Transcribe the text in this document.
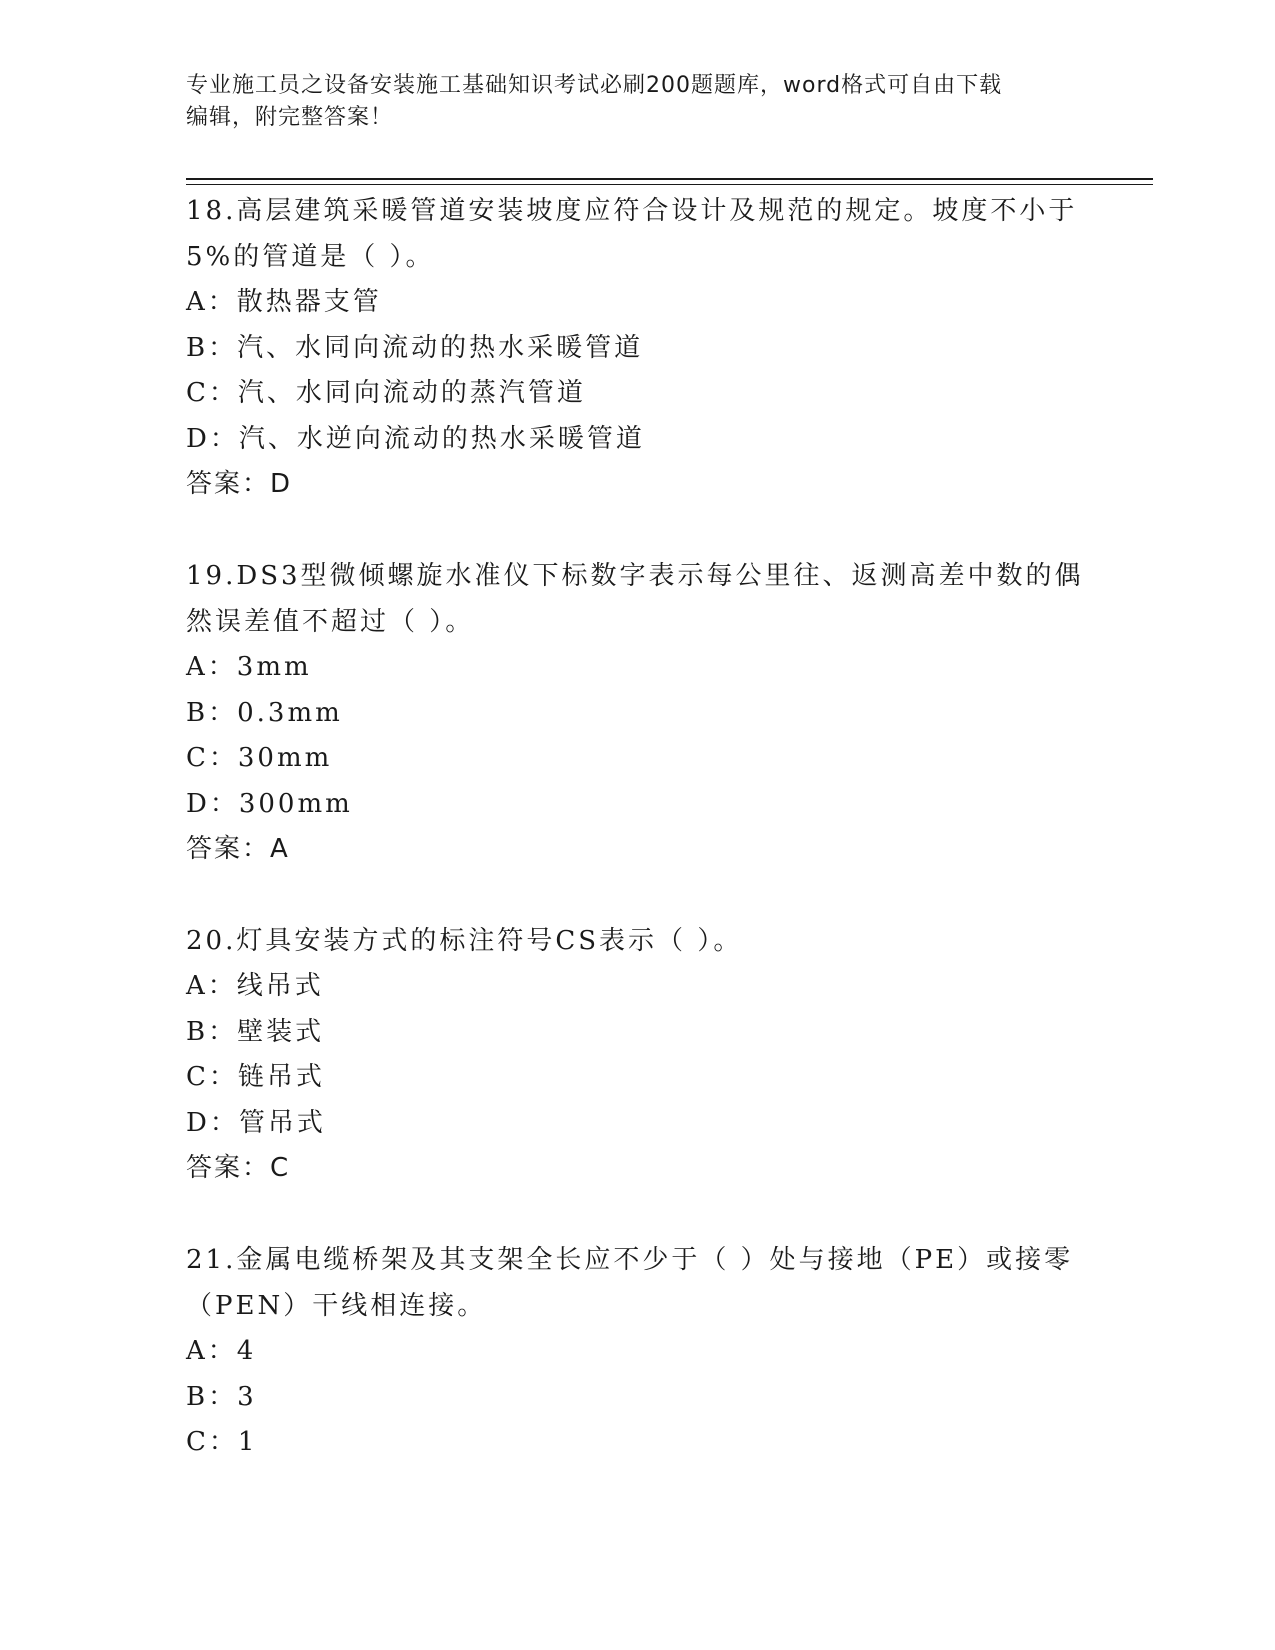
专业施工员之设备安装施工基础知识考试必刷200题题库，word格式可自由下载
编辑，附完整答案！
18.高层建筑采暖管道安装坡度应符合设计及规范的规定。坡度不小于
5%的管道是（ ）。
A：散热器支管
B：汽、水同向流动的热水采暖管道
C：汽、水同向流动的蒸汽管道
D：汽、水逆向流动的热水采暖管道
答案：D
19.DS3型微倾螺旋水准仪下标数字表示每公里往、返测高差中数的偶
然误差值不超过（ ）。
A：3mm
B：0.3mm
C：30mm
D：300mm
答案：A
20.灯具安装方式的标注符号CS表示（ ）。
A：线吊式
B：壁装式
C：链吊式
D：管吊式
答案：C
21.金属电缆桥架及其支架全长应不少于（ ）处与接地（PE）或接零
（PEN）干线相连接。
A：4
B：3
C：1
